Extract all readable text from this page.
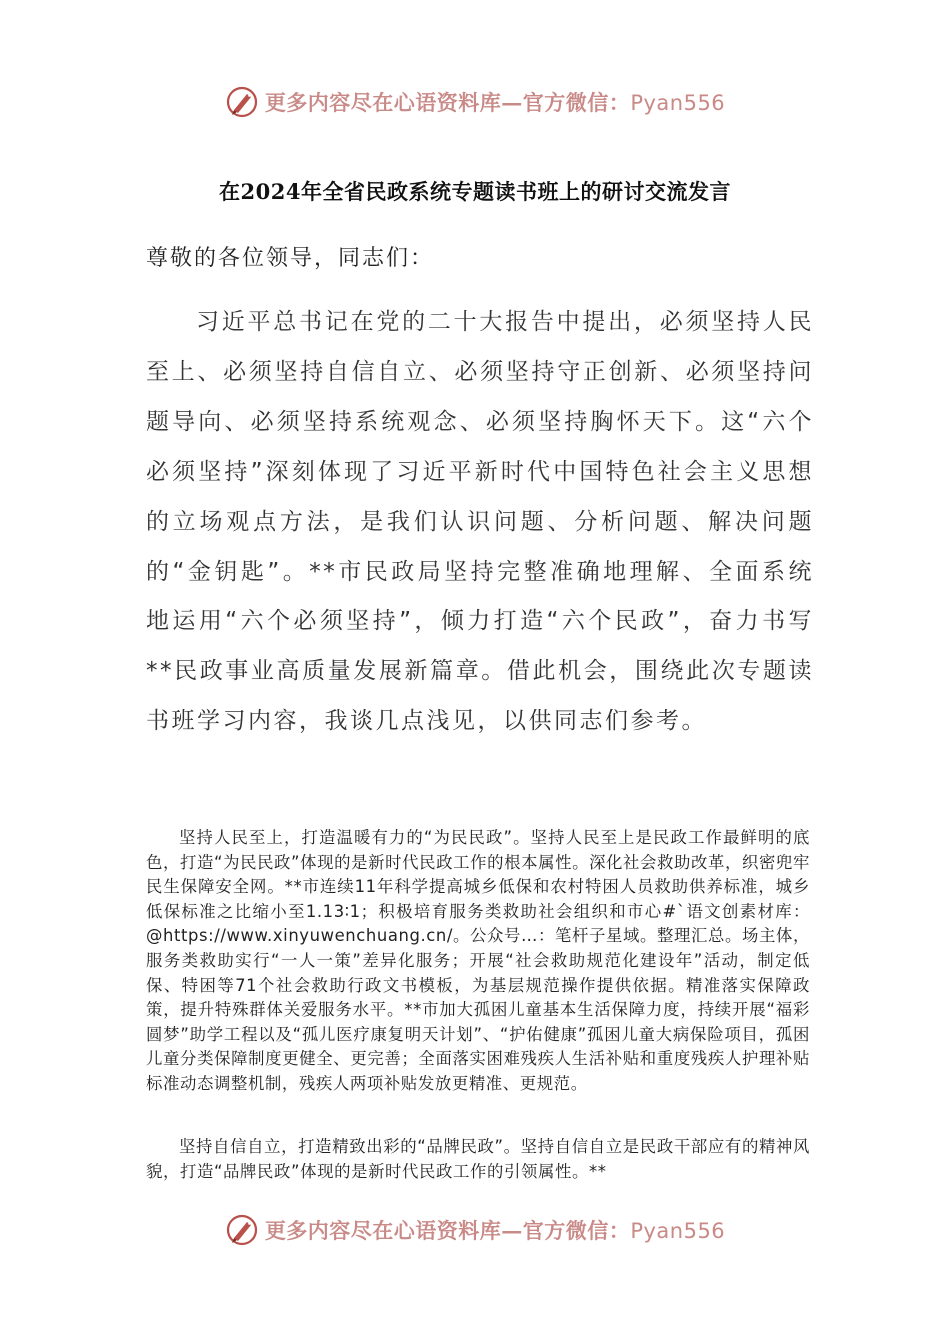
更多内容尽在心语资料库—官方微信：Pyan556
在2024年全省民政系统专题读书班上的研讨交流发言
尊敬的各位领导，同志们：
习近平总书记在党的二十大报告中提出，必须坚持人民至上、必须坚持自信自立、必须坚持守正创新、必须坚持问题导向、必须坚持系统观念、必须坚持胸怀天下。这“六个必须坚持”深刻体现了习近平新时代中国特色社会主义思想的立场观点方法，是我们认识问题、分析问题、解决问题的“金钥匙”。**市民政局坚持完整准确地理解、全面系统地运用“六个必须坚持”，倾力打造“六个民政”，奋力书写**民政事业高质量发展新篇章。借此机会，围绕此次专题读书班学习内容，我谈几点浅见，以供同志们参考。
坚持人民至上，打造温暖有力的“为民民政”。坚持人民至上是民政工作最鲜明的底色，打造“为民民政”体现的是新时代民政工作的根本属性。深化社会救助改革，织密兜牢民生保障安全网。**市连续11年科学提高城乡低保和农村特困人员救助供养标准，城乡低保标准之比缩小至1.13∶1；积极培育服务类救助社会组织和市心#`语文创素材库：@https://www.xinyuwenchuang.cn/。公众号…：笔杆子星域。整理汇总。场主体，服务类救助实行“一人一策”差异化服务；开展“社会救助规范化建设年”活动，制定低保、特困等71个社会救助行政文书模板，为基层规范操作提供依据。精准落实保障政策，提升特殊群体关爱服务水平。**市加大孤困儿童基本生活保障力度，持续开展“福彩圆梦”助学工程以及“孤儿医疗康复明天计划”、“护佑健康”孤困儿童大病保险项目，孤困儿童分类保障制度更健全、更完善；全面落实困难残疾人生活补贴和重度残疾人护理补贴标准动态调整机制，残疾人两项补贴发放更精准、更规范。
坚持自信自立，打造精致出彩的“品牌民政”。坚持自信自立是民政干部应有的精神风貌，打造“品牌民政”体现的是新时代民政工作的引领属性。**
更多内容尽在心语资料库—官方微信：Pyan556
